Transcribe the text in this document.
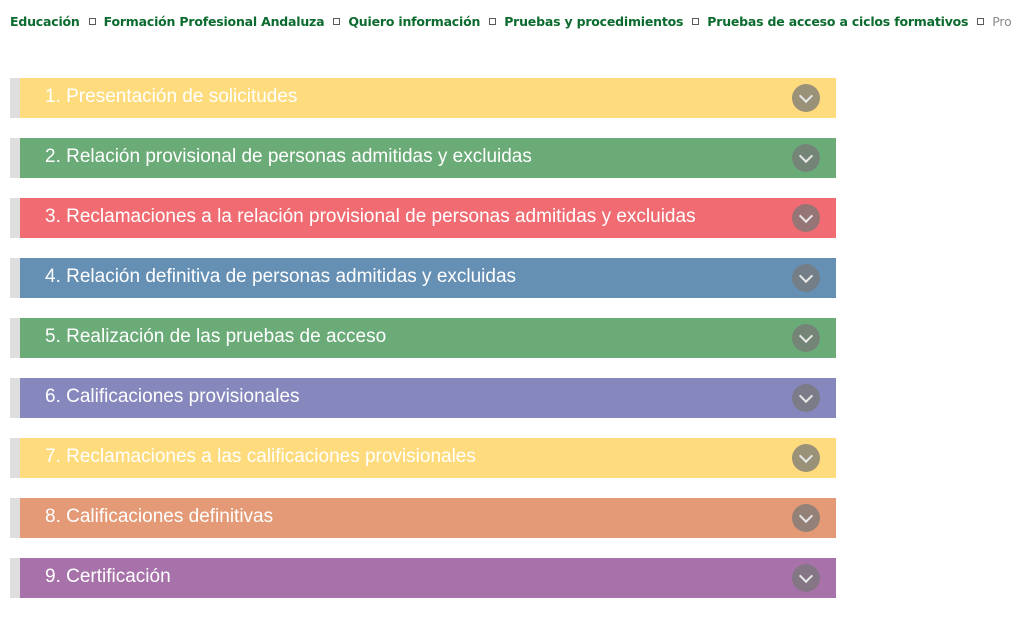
Educación Formación Profesional Andaluza Quiero información Pruebas y procedimientos Pruebas de acceso a ciclos formativos Pro
1. Presentación de solicitudes
2. Relación provisional de personas admitidas y excluidas
3. Reclamaciones a la relación provisional de personas admitidas y excluidas
4. Relación definitiva de personas admitidas y excluidas
5. Realización de las pruebas de acceso
6. Calificaciones provisionales
7. Reclamaciones a las calificaciones provisionales
8. Calificaciones definitivas
9. Certificación
